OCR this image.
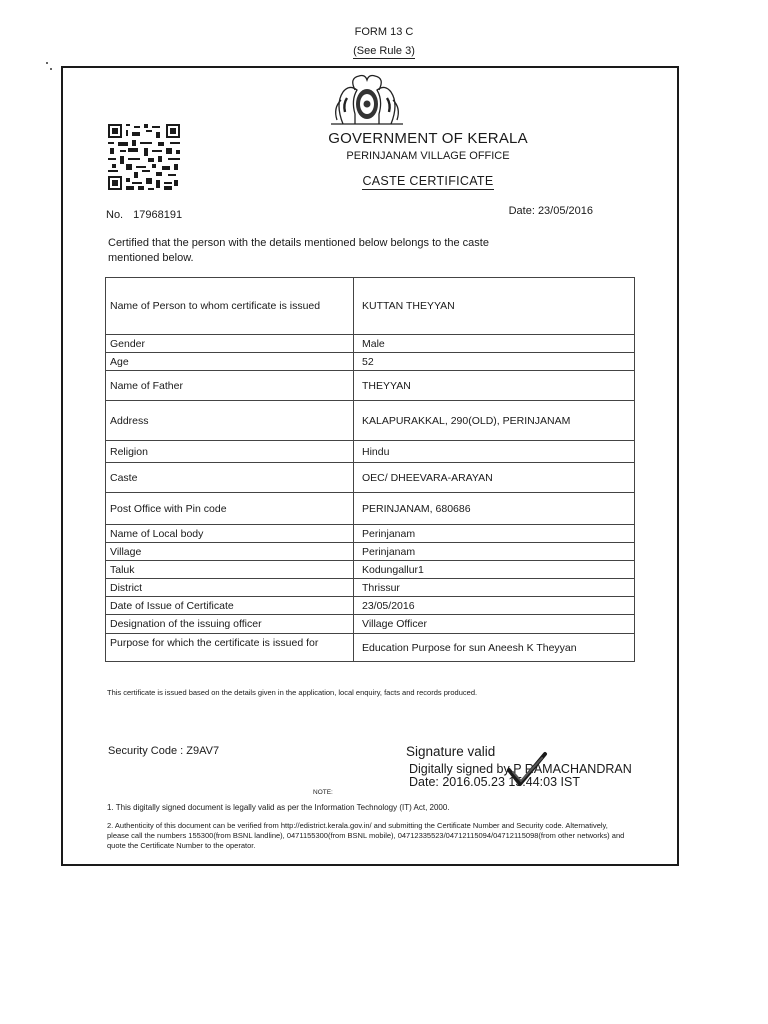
FORM 13 C
(See Rule 3)
GOVERNMENT OF KERALA
PERINJANAM VILLAGE OFFICE
CASTE CERTIFICATE
No. 17968191	Date: 23/05/2016
Certified that the person with the details mentioned below belongs to the caste mentioned below.
Name of Person to whom certificate is issued	KUTTAN THEYYAN
Gender	Male
Age	52
Name of Father	THEYYAN
Address	KALAPURAKKAL, 290(OLD), PERINJANAM
Religion	Hindu
Caste	OEC/ DHEEVARA-ARAYAN
Post Office with Pin code	PERINJANAM, 680686
Name of Local body	Perinjanam
Village	Perinjanam
Taluk	Kodungallur1
District	Thrissur
Date of Issue of Certificate	23/05/2016
Designation of the issuing officer	Village Officer
Purpose for which the certificate is issued for	Education Purpose for sun Aneesh K Theyyan
This certificate is issued based on the details given in the application, local enquiry, facts and records produced.
Security Code : Z9AV7	Signature valid
Digitally signed by P RAMACHANDRAN
Date: 2016.05.23 15:44:03 IST
NOTE:
1. This digitally signed document is legally valid as per the Information Technology (IT) Act, 2000.
2. Authenticity of this document can be verified from http://edistrict.kerala.gov.in/ and submitting the Certificate Number and Security code. Alternatively, please call the numbers 155300(from BSNL landline), 0471155300(from BSNL mobile), 04712335523/04712115094/04712115098(from other networks) and quote the Certificate Number to the operator.
